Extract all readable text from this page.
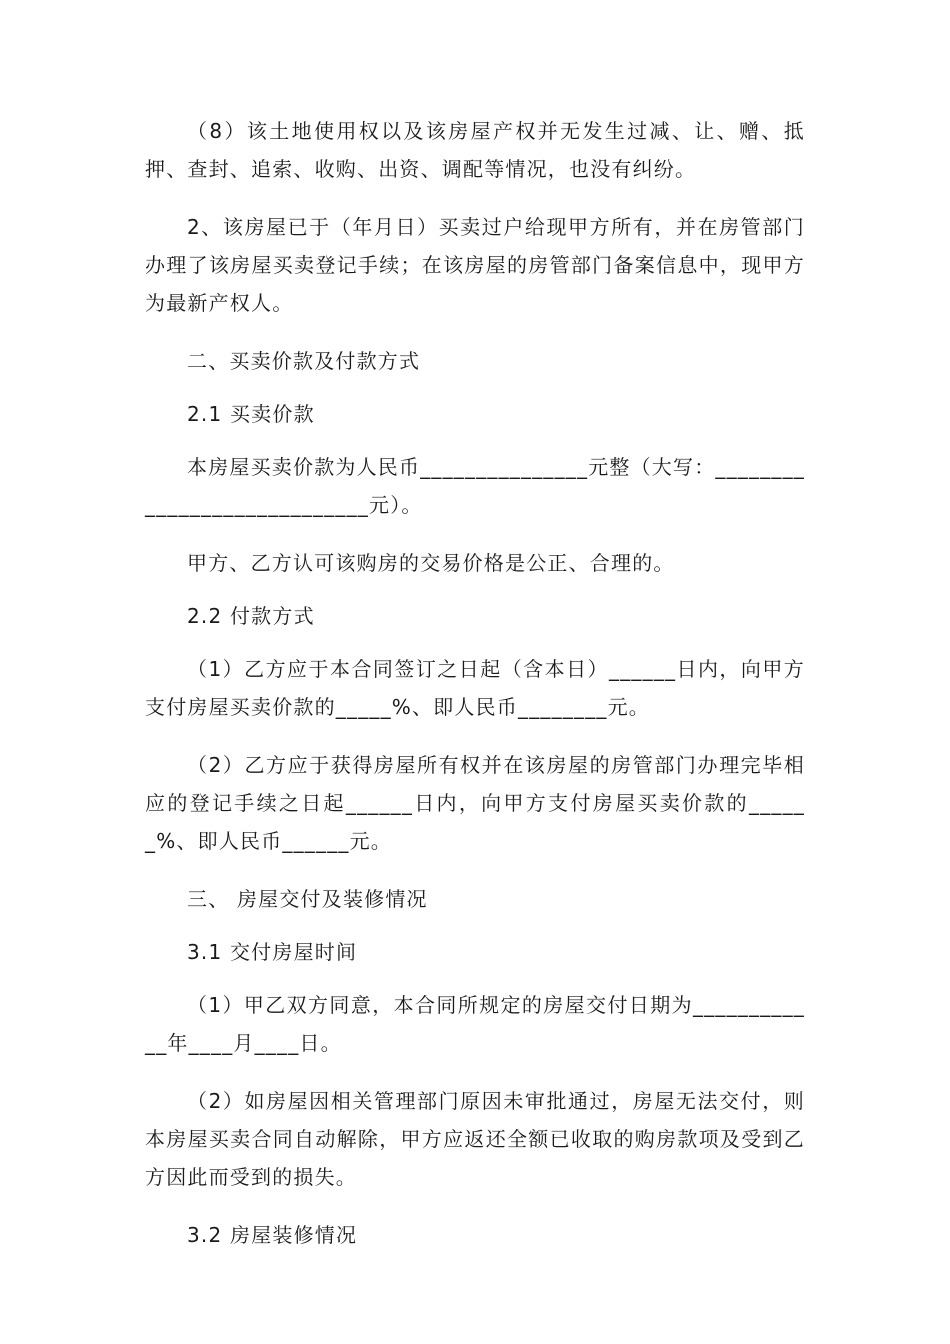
（8）该土地使用权以及该房屋产权并无发生过减、让、赠、抵押、查封、追索、收购、出资、调配等情况，也没有纠纷。

2、该房屋已于（年月日）买卖过户给现甲方所有，并在房管部门办理了该房屋买卖登记手续；在该房屋的房管部门备案信息中，现甲方为最新产权人。

二、买卖价款及付款方式

2.1 买卖价款

本房屋买卖价款为人民币_______________元整（大写：____________________________元）。

甲方、乙方认可该购房的交易价格是公正、合理的。

2.2 付款方式

（1）乙方应于本合同签订之日起（含本日）______日内，向甲方支付房屋买卖价款的_____%、即人民币________元。

（2）乙方应于获得房屋所有权并在该房屋的房管部门办理完毕相应的登记手续之日起______日内，向甲方支付房屋买卖价款的______%、即人民币______元。

三、 房屋交付及装修情况

3.1 交付房屋时间

（1）甲乙双方同意，本合同所规定的房屋交付日期为____________年____月____日。

（2）如房屋因相关管理部门原因未审批通过，房屋无法交付，则本房屋买卖合同自动解除，甲方应返还全额已收取的购房款项及受到乙方因此而受到的损失。

3.2 房屋装修情况
